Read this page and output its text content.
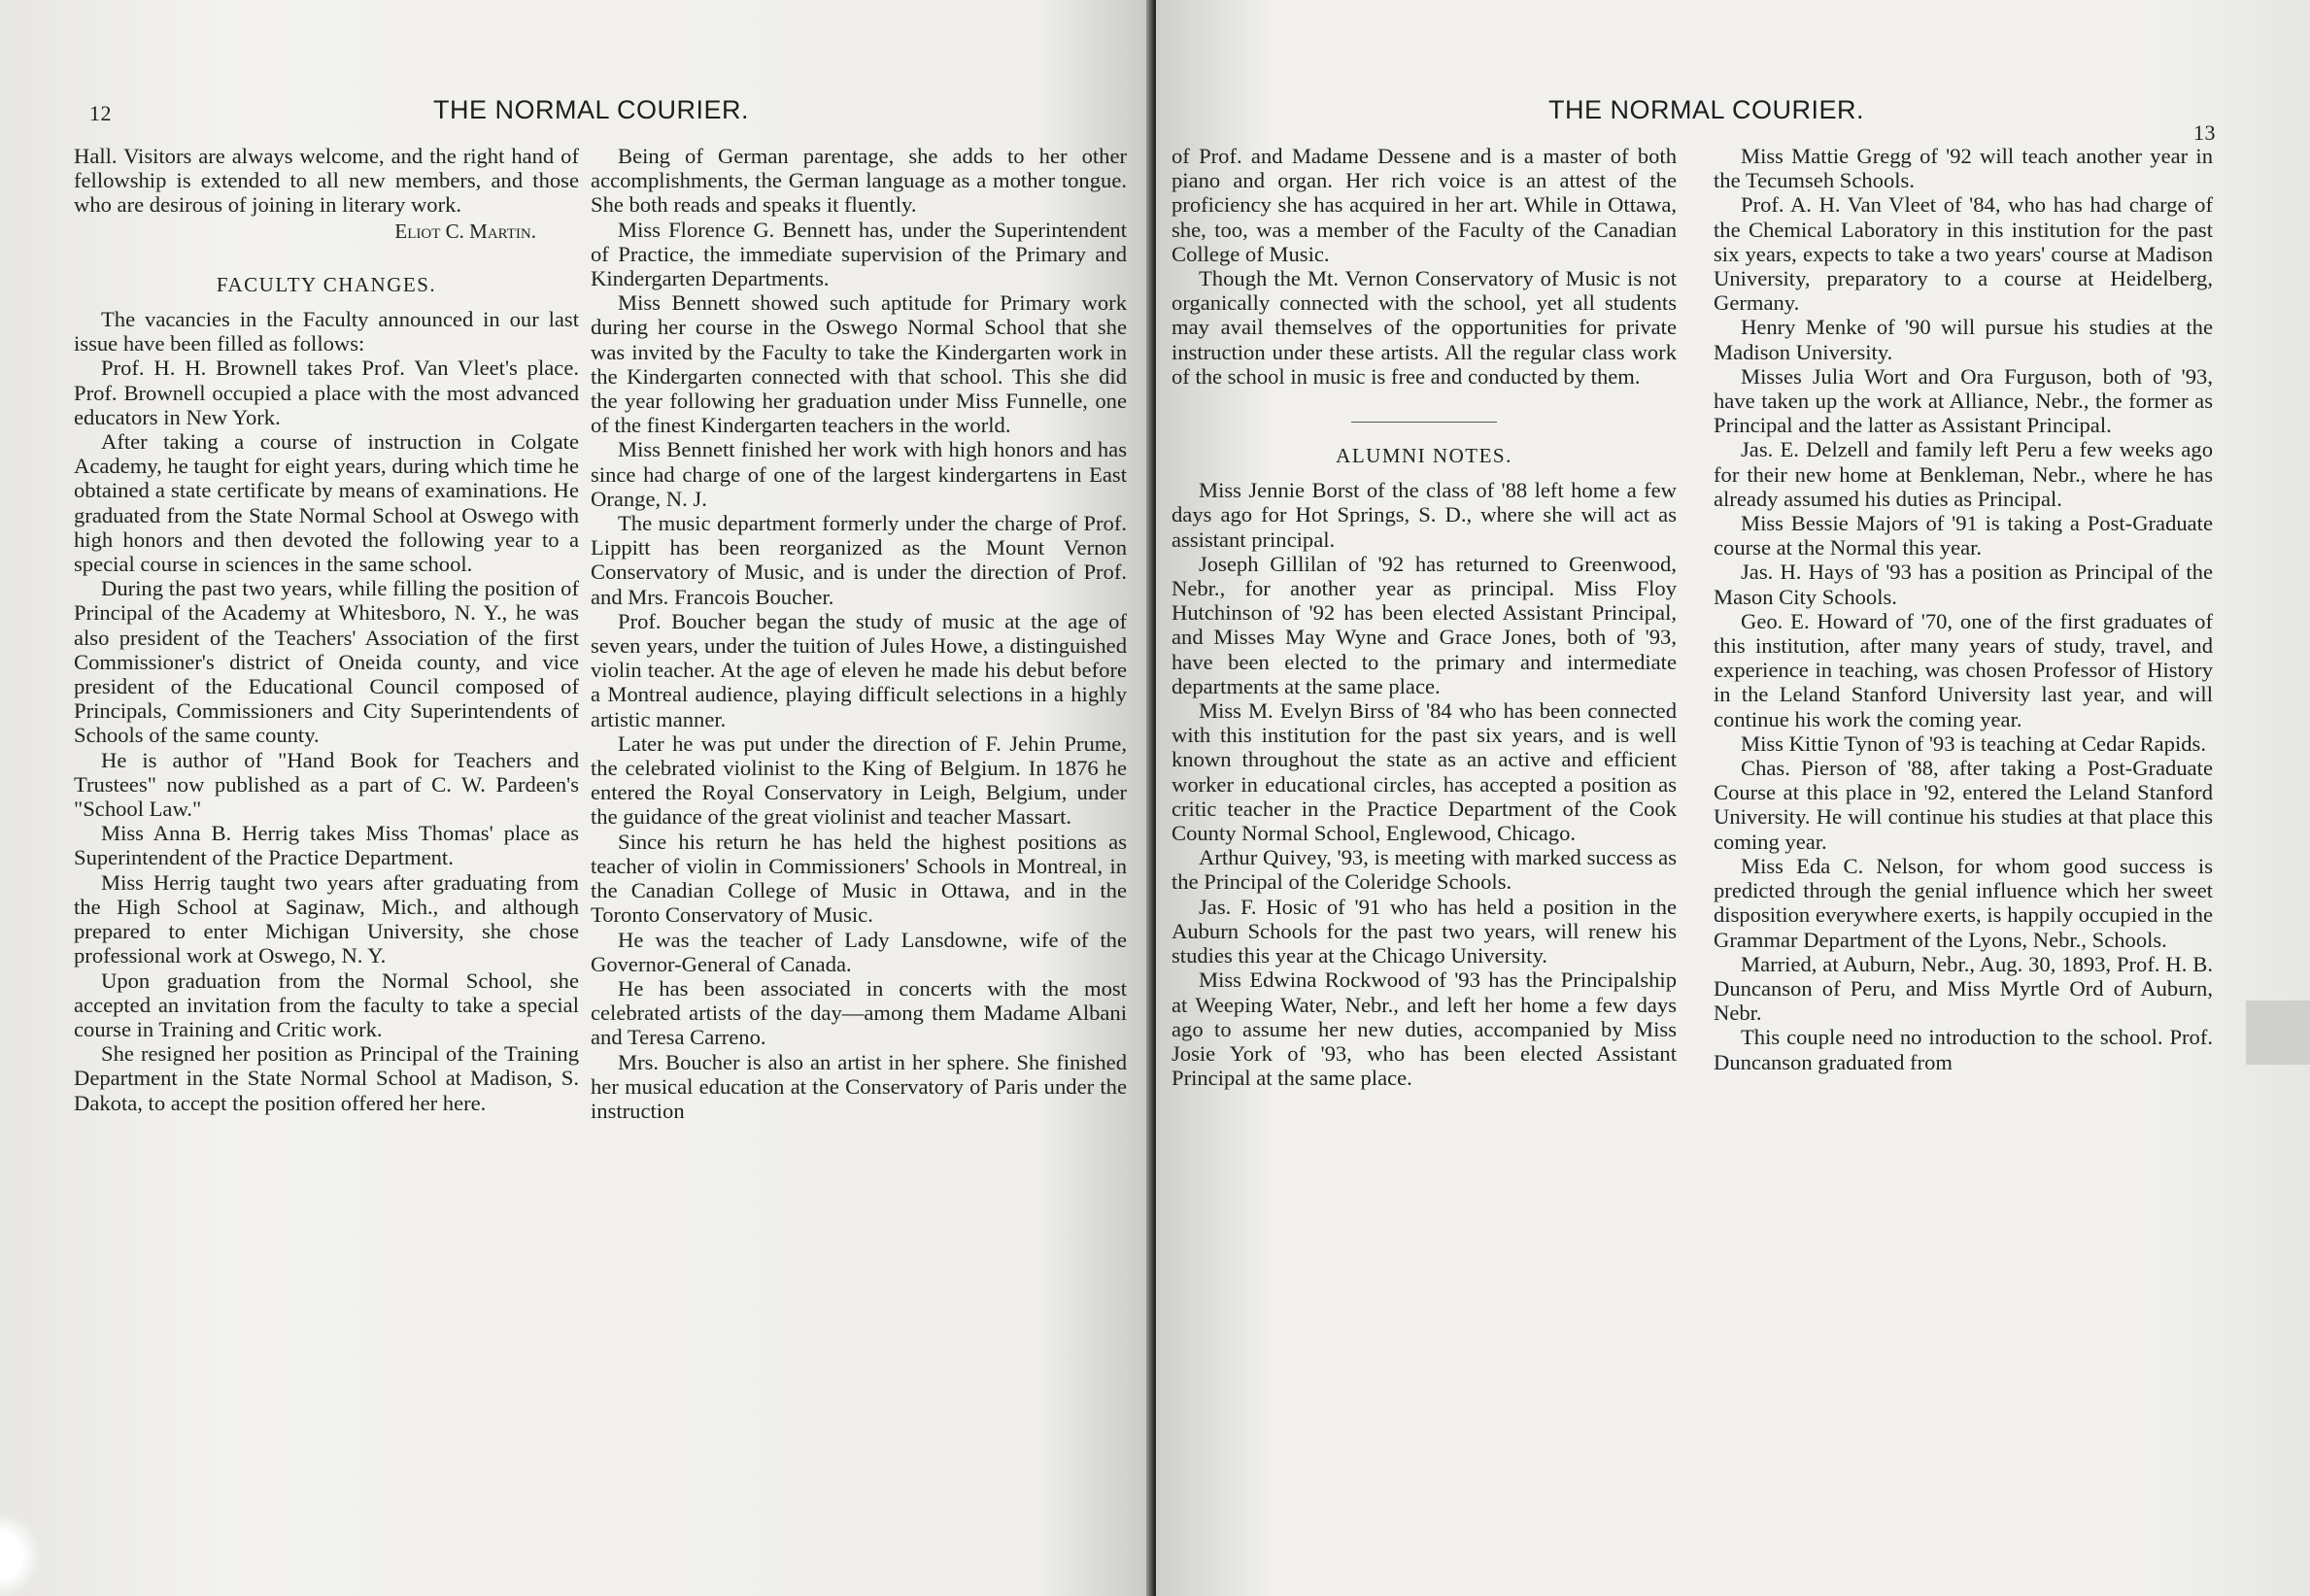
12	THE NORMAL COURIER.

Hall. Visitors are always welcome, and the right hand of fellowship is extended to all new members, and those who are desirous of joining in literary work.

Eliot C. Martin.

FACULTY CHANGES.

The vacancies in the Faculty announced in our last issue have been filled as follows:

Prof. H. H. Brownell takes Prof. Van Vleet's place. Prof. Brownell occupied a place with the most advanced educators in New York.

After taking a course of instruction in Colgate Academy, he taught for eight years, during which time he obtained a state certificate by means of examinations. He graduated from the State Normal School at Oswego with high honors and then devoted the following year to a special course in sciences in the same school.

During the past two years, while filling the position of Principal of the Academy at Whitesboro, N. Y., he was also president of the Teachers' Association of the first Commissioner's district of Oneida county, and vice president of the Educational Council composed of Principals, Commissioners and City Superintendents of Schools of the same county.

He is author of "Hand Book for Teachers and Trustees" now published as a part of C. W. Pardeen's "School Law."

Miss Anna B. Herrig takes Miss Thomas' place as Superintendent of the Practice Department.

Miss Herrig taught two years after graduating from the High School at Saginaw, Mich., and although prepared to enter Michigan University, she chose professional work at Oswego, N. Y.

Upon graduation from the Normal School, she accepted an invitation from the faculty to take a special course in Training and Critic work.

She resigned her position as Principal of the Training Department in the State Normal School at Madison, S. Dakota, to accept the position offered her here.

Being of German parentage, she adds to her other accomplishments, the German language as a mother tongue. She both reads and speaks it fluently.

Miss Florence G. Bennett has, under the Superintendent of Practice, the immediate supervision of the Primary and Kindergarten Departments.

Miss Bennett showed such aptitude for Primary work during her course in the Oswego Normal School that she was invited by the Faculty to take the Kindergarten work in the Kindergarten connected with that school. This she did the year following her graduation under Miss Funnelle, one of the finest Kindergarten teachers in the world.

Miss Bennett finished her work with high honors and has since had charge of one of the largest kindergartens in East Orange, N. J.

The music department formerly under the charge of Prof. Lippitt has been reorganized as the Mount Vernon Conservatory of Music, and is under the direction of Prof. and Mrs. Francois Boucher.

Prof. Boucher began the study of music at the age of seven years, under the tuition of Jules Howe, a distinguished violin teacher. At the age of eleven he made his debut before a Montreal audience, playing difficult selections in a highly artistic manner.

Later he was put under the direction of F. Jehin Prume, the celebrated violinist to the King of Belgium. In 1876 he entered the Royal Conservatory in Leigh, Belgium, under the guidance of the great violinist and teacher Massart.

Since his return he has held the highest positions as teacher of violin in Commissioners' Schools in Montreal, in the Canadian College of Music in Ottawa, and in the Toronto Conservatory of Music.

He was the teacher of Lady Lansdowne, wife of the Governor-General of Canada.

He has been associated in concerts with the most celebrated artists of the day—among them Madame Albani and Teresa Carreno.

Mrs. Boucher is also an artist in her sphere. She finished her musical education at the Conservatory of Paris under the instruction

THE NORMAL COURIER.
13

of Prof. and Madame Dessene and is a master of both piano and organ. Her rich voice is an attest of the proficiency she has acquired in her art. While in Ottawa, she, too, was a member of the Faculty of the Canadian College of Music.

Though the Mt. Vernon Conservatory of Music is not organically connected with the school, yet all students may avail themselves of the opportunities for private instruction under these artists. All the regular class work of the school in music is free and conducted by them.

ALUMNI NOTES.

Miss Jennie Borst of the class of '88 left home a few days ago for Hot Springs, S. D., where she will act as assistant principal.

Joseph Gillilan of '92 has returned to Greenwood, Nebr., for another year as principal. Miss Floy Hutchinson of '92 has been elected Assistant Principal, and Misses May Wyne and Grace Jones, both of '93, have been elected to the primary and intermediate departments at the same place.

Miss M. Evelyn Birss of '84 who has been connected with this institution for the past six years, and is well known throughout the state as an active and efficient worker in educational circles, has accepted a position as critic teacher in the Practice Department of the Cook County Normal School, Englewood, Chicago.

Arthur Quivey, '93, is meeting with marked success as the Principal of the Coleridge Schools.

Jas. F. Hosic of '91 who has held a position in the Auburn Schools for the past two years, will renew his studies this year at the Chicago University.

Miss Edwina Rockwood of '93 has the Principalship at Weeping Water, Nebr., and left her home a few days ago to assume her new duties, accompanied by Miss Josie York of '93, who has been elected Assistant Principal at the same place.

Miss Mattie Gregg of '92 will teach another year in the Tecumseh Schools.

Prof. A. H. Van Vleet of '84, who has had charge of the Chemical Laboratory in this institution for the past six years, expects to take a two years' course at Madison University, preparatory to a course at Heidelberg, Germany.

Henry Menke of '90 will pursue his studies at the Madison University.

Misses Julia Wort and Ora Furguson, both of '93, have taken up the work at Alliance, Nebr., the former as Principal and the latter as Assistant Principal.

Jas. E. Delzell and family left Peru a few weeks ago for their new home at Benkleman, Nebr., where he has already assumed his duties as Principal.

Miss Bessie Majors of '91 is taking a Post-Graduate course at the Normal this year.

Jas. H. Hays of '93 has a position as Principal of the Mason City Schools.

Geo. E. Howard of '70, one of the first graduates of this institution, after many years of study, travel, and experience in teaching, was chosen Professor of History in the Leland Stanford University last year, and will continue his work the coming year.

Miss Kittie Tynon of '93 is teaching at Cedar Rapids.

Chas. Pierson of '88, after taking a Post-Graduate Course at this place in '92, entered the Leland Stanford University. He will continue his studies at that place this coming year.

Miss Eda C. Nelson, for whom good success is predicted through the genial influence which her sweet disposition everywhere exerts, is happily occupied in the Grammar Department of the Lyons, Nebr., Schools.

Married, at Auburn, Nebr., Aug. 30, 1893, Prof. H. B. Duncanson of Peru, and Miss Myrtle Ord of Auburn, Nebr.

This couple need no introduction to the school. Prof. Duncanson graduated from
